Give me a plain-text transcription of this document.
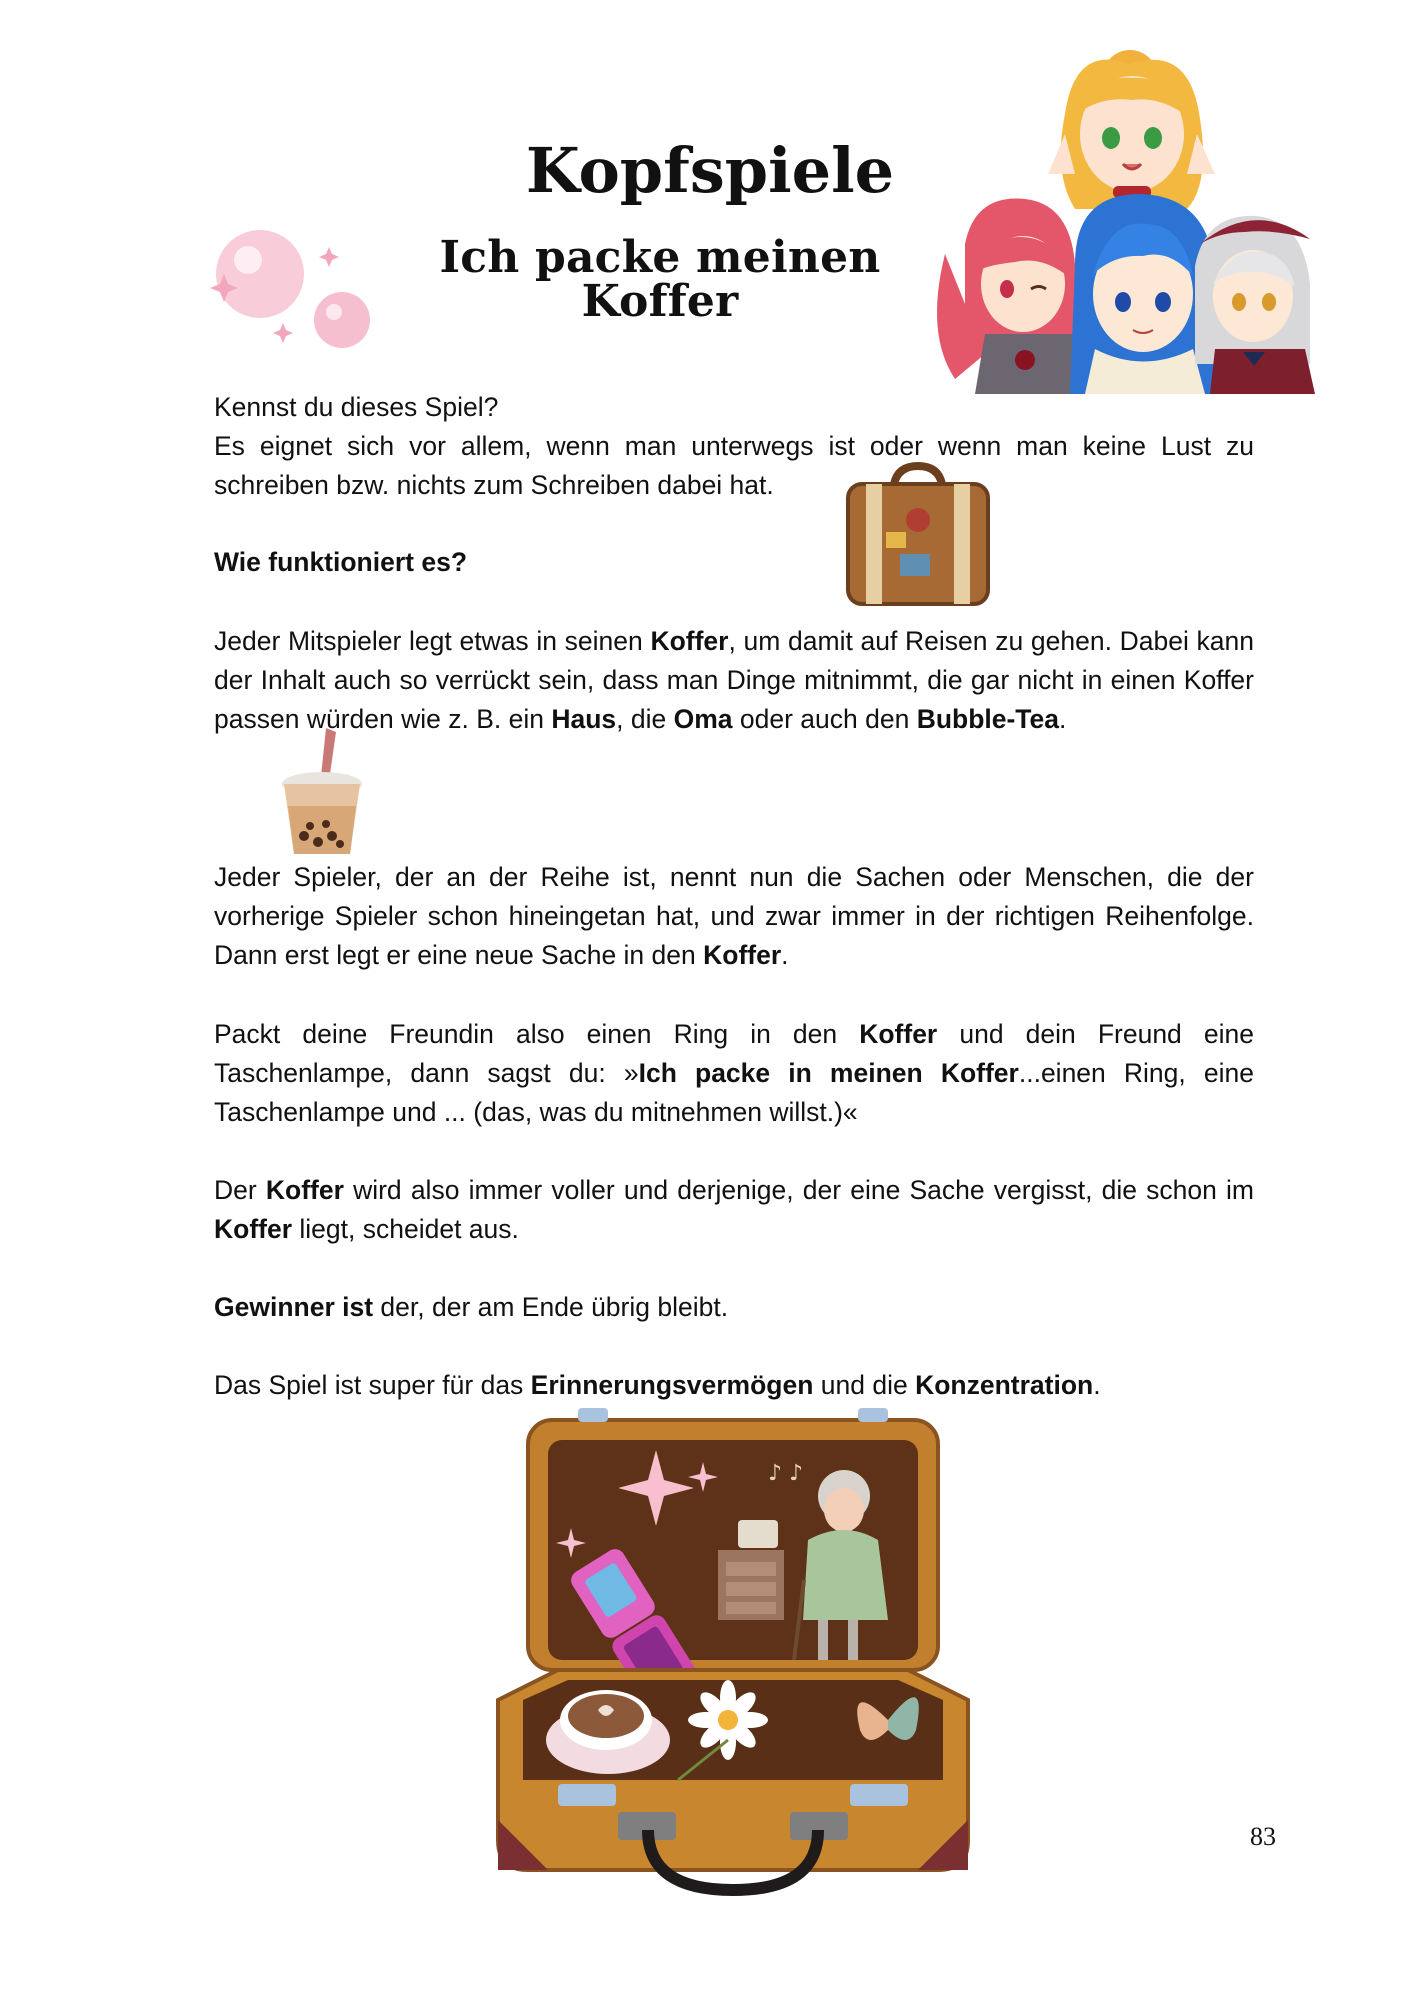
Kopfspiele
Ich packe meinen Koffer
Kennst du dieses Spiel?
Es eignet sich vor allem, wenn man unterwegs ist oder wenn man keine Lust zu schreiben bzw. nichts zum Schreiben dabei hat.
Wie funktioniert es?

Jeder Mitspieler legt etwas in seinen Koffer, um damit auf Reisen zu gehen. Dabei kann der Inhalt auch so verrückt sein, dass man Dinge mitnimmt, die gar nicht in einen Koffer passen würden wie z. B. ein Haus, die Oma oder auch den Bubble-Tea.

Jeder Spieler, der an der Reihe ist, nennt nun die Sachen oder Menschen, die der vorherige Spieler schon hineingetan hat, und zwar immer in der richtigen Reihenfolge. Dann erst legt er eine neue Sache in den Koffer.

Packt deine Freundin also einen Ring in den Koffer und dein Freund eine Taschenlampe, dann sagst du: »Ich packe in meinen Koffer...einen Ring, eine Taschenlampe und ... (das, was du mitnehmen willst.)«

Der Koffer wird also immer voller und derjenige, der eine Sache vergisst, die schon im Koffer liegt, scheidet aus.

Gewinner ist der, der am Ende übrig bleibt.

Das Spiel ist super für das Erinnerungsvermögen und die Konzentration.

♪ ♪
83
